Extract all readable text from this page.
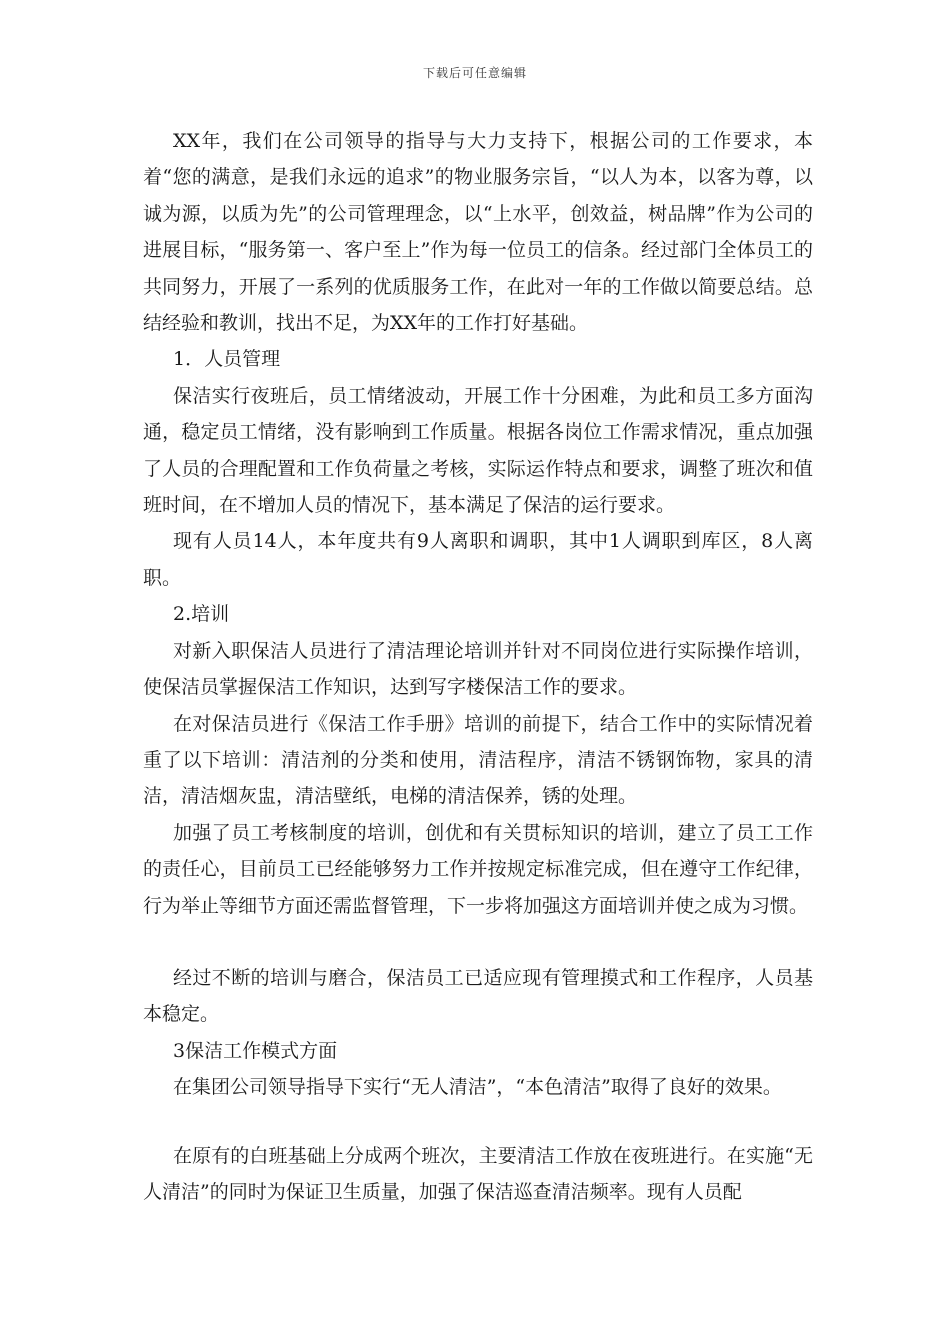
下载后可任意编辑

XX年，我们在公司领导的指导与大力支持下，根据公司的工作要求，本着“您的满意，是我们永远的追求”的物业服务宗旨，“以人为本，以客为尊，以诚为源，以质为先”的公司管理理念，以“上水平，创效益，树品牌”作为公司的进展目标，“服务第一、客户至上”作为每一位员工的信条。经过部门全体员工的共同努力，开展了一系列的优质服务工作，在此对一年的工作做以简要总结。总结经验和教训，找出不足，为XX年的工作打好基础。

1．人员管理

保洁实行夜班后，员工情绪波动，开展工作十分困难，为此和员工多方面沟通，稳定员工情绪，没有影响到工作质量。根据各岗位工作需求情况，重点加强了人员的合理配置和工作负荷量之考核，实际运作特点和要求，调整了班次和值班时间，在不增加人员的情况下，基本满足了保洁的运行要求。

现有人员14人，本年度共有9人离职和调职，其中1人调职到库区，8人离职。

2.培训

对新入职保洁人员进行了清洁理论培训并针对不同岗位进行实际操作培训，使保洁员掌握保洁工作知识，达到写字楼保洁工作的要求。

在对保洁员进行《保洁工作手册》培训的前提下，结合工作中的实际情况着重了以下培训：清洁剂的分类和使用，清洁程序，清洁不锈钢饰物，家具的清洁，清洁烟灰盅，清洁壁纸，电梯的清洁保养，锈的处理。

加强了员工考核制度的培训，创优和有关贯标知识的培训，建立了员工工作的责任心，目前员工已经能够努力工作并按规定标准完成，但在遵守工作纪律，行为举止等细节方面还需监督管理，下一步将加强这方面培训并使之成为习惯。

经过不断的培训与磨合，保洁员工已适应现有管理摸式和工作程序，人员基本稳定。

3保洁工作模式方面

在集团公司领导指导下实行“无人清洁”，“本色清洁”取得了良好的效果。

在原有的白班基础上分成两个班次，主要清洁工作放在夜班进行。在实施“无人清洁”的同时为保证卫生质量，加强了保洁巡查清洁频率。现有人员配
